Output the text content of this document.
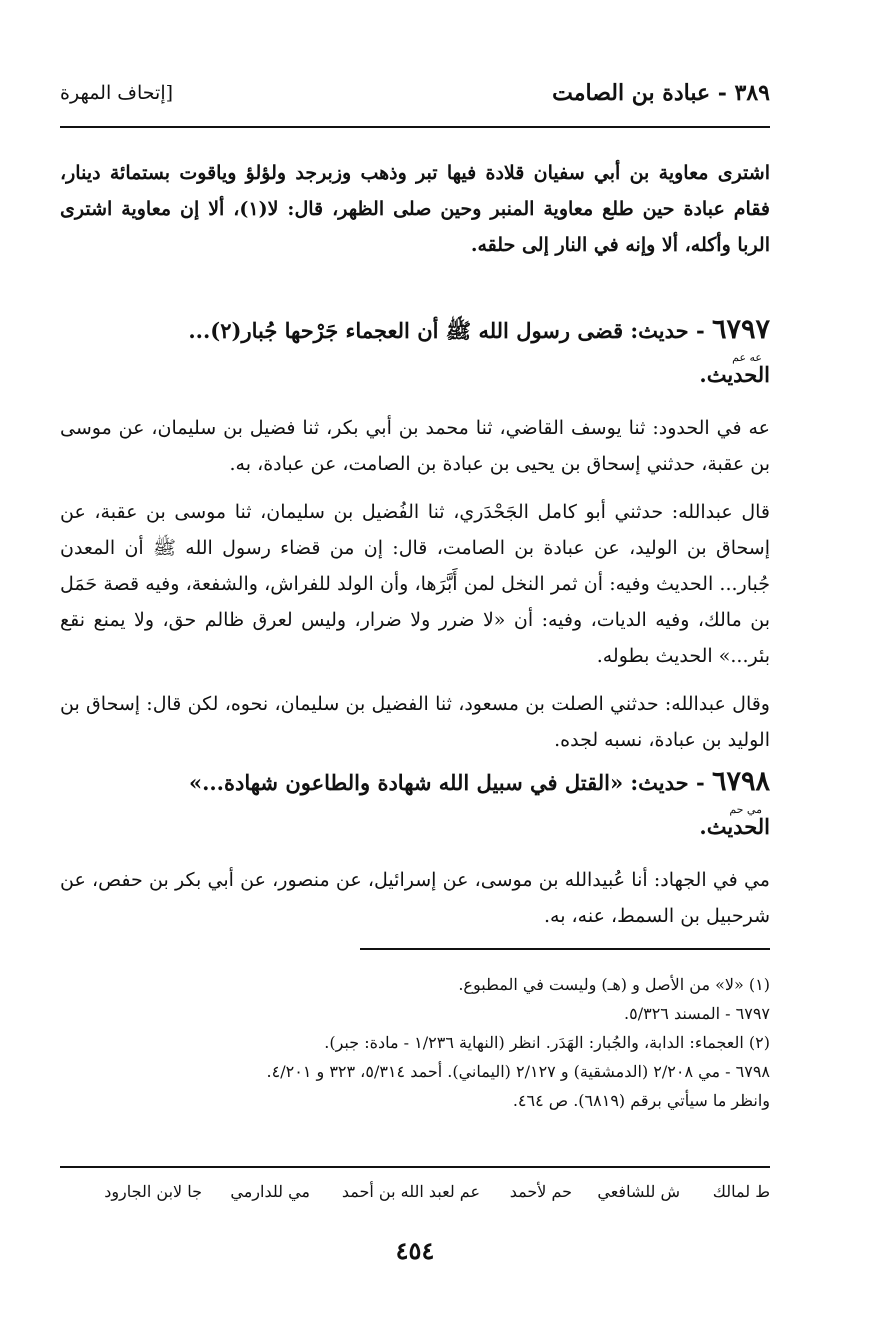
٣٨٩ - عبادة بن الصامت
[إتحاف المهرة
اشترى معاوية بن أبي سفيان قلادة فيها تبر وذهب وزبرجد ولؤلؤ وياقوت بستمائة دينار، فقام عبادة حين طلع معاوية المنبر وحين صلى الظهر، قال: لا(١)، ألا إن معاوية اشترى الربا وأكله، ألا وإنه في النار إلى حلقه.
٦٧٩٧ - حديث: قضى رسول الله ﷺ أن العجماء جَرْحها جُبار(٢)...
عه عم
الحديث.
عه في الحدود: ثنا يوسف القاضي، ثنا محمد بن أبي بكر، ثنا فضيل بن سليمان، عن موسى بن عقبة، حدثني إسحاق بن يحيى بن عبادة بن الصامت، عن عبادة، به.
قال عبدالله: حدثني أبو كامل الجَحْدَري، ثنا الفُضيل بن سليمان، ثنا موسى بن عقبة، عن إسحاق بن الوليد، عن عبادة بن الصامت، قال: إن من قضاء رسول الله ﷺ أن المعدن جُبار... الحديث وفيه: أن ثمر النخل لمن أَبَّرَها، وأن الولد للفراش، والشفعة، وفيه قصة حَمَل بن مالك، وفيه الديات، وفيه: أن «لا ضرر ولا ضرار، وليس لعرق ظالم حق، ولا يمنع نقع بئر...» الحديث بطوله.
وقال عبدالله: حدثني الصلت بن مسعود، ثنا الفضيل بن سليمان، نحوه، لكن قال: إسحاق بن الوليد بن عبادة، نسبه لجده.
٦٧٩٨ - حديث: «القتل في سبيل الله شهادة والطاعون شهادة...»
مي حم
الحديث.
مي في الجهاد: أنا عُبيدالله بن موسى، عن إسرائيل، عن منصور، عن أبي بكر بن حفص، عن شرحبيل بن السمط، عنه، به.
(١) «لا» من الأصل و (هـ) وليست في المطبوع.
٦٧٩٧ - المسند ٥/٣٢٦.
(٢) العجماء: الدابة، والجُبار: الهَدَر. انظر (النهاية ١/٢٣٦ - مادة: جبر).
٦٧٩٨ - مي ٢/٢٠٨ (الدمشقية) و ٢/١٢٧ (اليماني). أحمد ٥/٣١٤، ٣٢٣ و ٤/٢٠١.
وانظر ما سيأتي برقم (٦٨١٩). ص ٤٦٤.
ط لمالك
ش للشافعي
حم لأحمد
عم لعبد الله بن أحمد
مي للدارمي
جا لابن الجارود
٤٥٤
